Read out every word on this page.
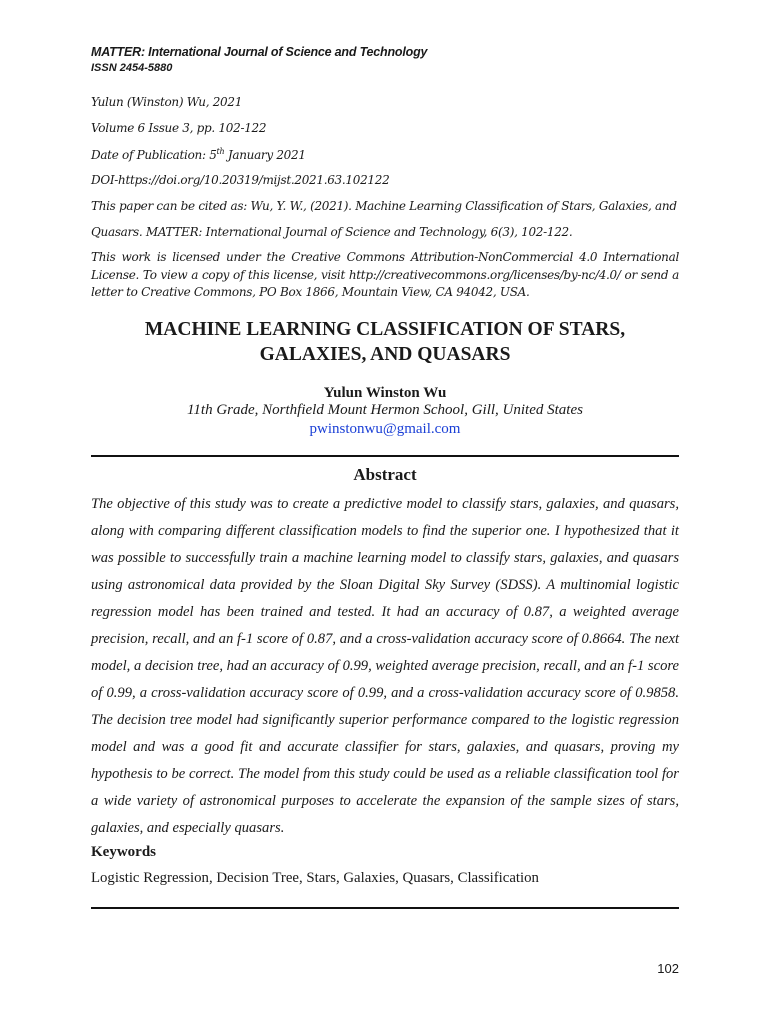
MATTER: International Journal of Science and Technology
ISSN 2454-5880
Yulun (Winston) Wu, 2021
Volume 6 Issue 3, pp. 102-122
Date of Publication: 5th January 2021
DOI-https://doi.org/10.20319/mijst.2021.63.102122
This paper can be cited as: Wu, Y. W., (2021). Machine Learning Classification of Stars, Galaxies, and
Quasars. MATTER: International Journal of Science and Technology, 6(3), 102-122.
This work is licensed under the Creative Commons Attribution-NonCommercial 4.0 International License. To view a copy of this license, visit http://creativecommons.org/licenses/by-nc/4.0/ or send a letter to Creative Commons, PO Box 1866, Mountain View, CA 94042, USA.
MACHINE LEARNING CLASSIFICATION OF STARS,
GALAXIES, AND QUASARS
Yulun Winston Wu
11th Grade, Northfield Mount Hermon School, Gill, United States
pwinstonwu@gmail.com
Abstract
The objective of this study was to create a predictive model to classify stars, galaxies, and quasars, along with comparing different classification models to find the superior one. I hypothesized that it was possible to successfully train a machine learning model to classify stars, galaxies, and quasars using astronomical data provided by the Sloan Digital Sky Survey (SDSS). A multinomial logistic regression model has been trained and tested. It had an accuracy of 0.87, a weighted average precision, recall, and an f-1 score of 0.87, and a cross-validation accuracy score of 0.8664. The next model, a decision tree, had an accuracy of 0.99, weighted average precision, recall, and an f-1 score of 0.99, a cross-validation accuracy score of 0.99, and a cross-validation accuracy score of 0.9858. The decision tree model had significantly superior performance compared to the logistic regression model and was a good fit and accurate classifier for stars, galaxies, and quasars, proving my hypothesis to be correct. The model from this study could be used as a reliable classification tool for a wide variety of astronomical purposes to accelerate the expansion of the sample sizes of stars, galaxies, and especially quasars.
Keywords
Logistic Regression, Decision Tree, Stars, Galaxies, Quasars, Classification
102
